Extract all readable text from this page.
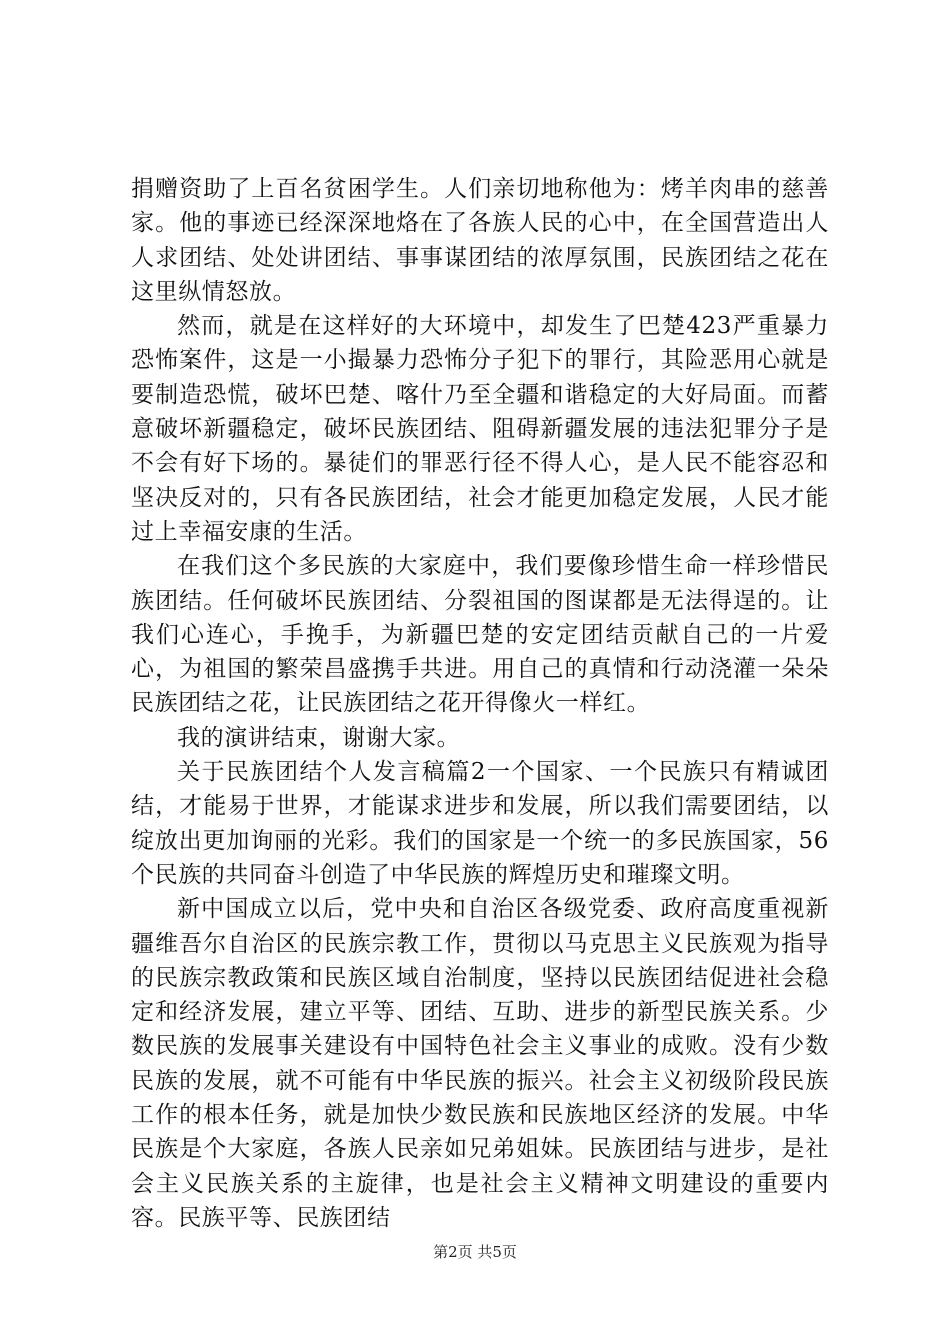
捐赠资助了上百名贫困学生。人们亲切地称他为：烤羊肉串的慈善家。他的事迹已经深深地烙在了各族人民的心中，在全国营造出人人求团结、处处讲团结、事事谋团结的浓厚氛围，民族团结之花在这里纵情怒放。

然而，就是在这样好的大环境中，却发生了巴楚423严重暴力恐怖案件，这是一小撮暴力恐怖分子犯下的罪行，其险恶用心就是要制造恐慌，破坏巴楚、喀什乃至全疆和谐稳定的大好局面。而蓄意破坏新疆稳定，破坏民族团结、阻碍新疆发展的违法犯罪分子是不会有好下场的。暴徒们的罪恶行径不得人心，是人民不能容忍和坚决反对的，只有各民族团结，社会才能更加稳定发展，人民才能过上幸福安康的生活。

在我们这个多民族的大家庭中，我们要像珍惜生命一样珍惜民族团结。任何破坏民族团结、分裂祖国的图谋都是无法得逞的。让我们心连心，手挽手，为新疆巴楚的安定团结贡献自己的一片爱心，为祖国的繁荣昌盛携手共进。用自己的真情和行动浇灌一朵朵民族团结之花，让民族团结之花开得像火一样红。

我的演讲结束，谢谢大家。

关于民族团结个人发言稿篇2一个国家、一个民族只有精诚团结，才能易于世界，才能谋求进步和发展，所以我们需要团结，以绽放出更加询丽的光彩。我们的国家是一个统一的多民族国家，56个民族的共同奋斗创造了中华民族的辉煌历史和璀璨文明。

新中国成立以后，党中央和自治区各级党委、政府高度重视新疆维吾尔自治区的民族宗教工作，贯彻以马克思主义民族观为指导的民族宗教政策和民族区域自治制度，坚持以民族团结促进社会稳定和经济发展，建立平等、团结、互助、进步的新型民族关系。少数民族的发展事关建设有中国特色社会主义事业的成败。没有少数民族的发展，就不可能有中华民族的振兴。社会主义初级阶段民族工作的根本任务，就是加快少数民族和民族地区经济的发展。中华民族是个大家庭，各族人民亲如兄弟姐妹。民族团结与进步，是社会主义民族关系的主旋律，也是社会主义精神文明建设的重要内容。民族平等、民族团结

第2页 共5页
